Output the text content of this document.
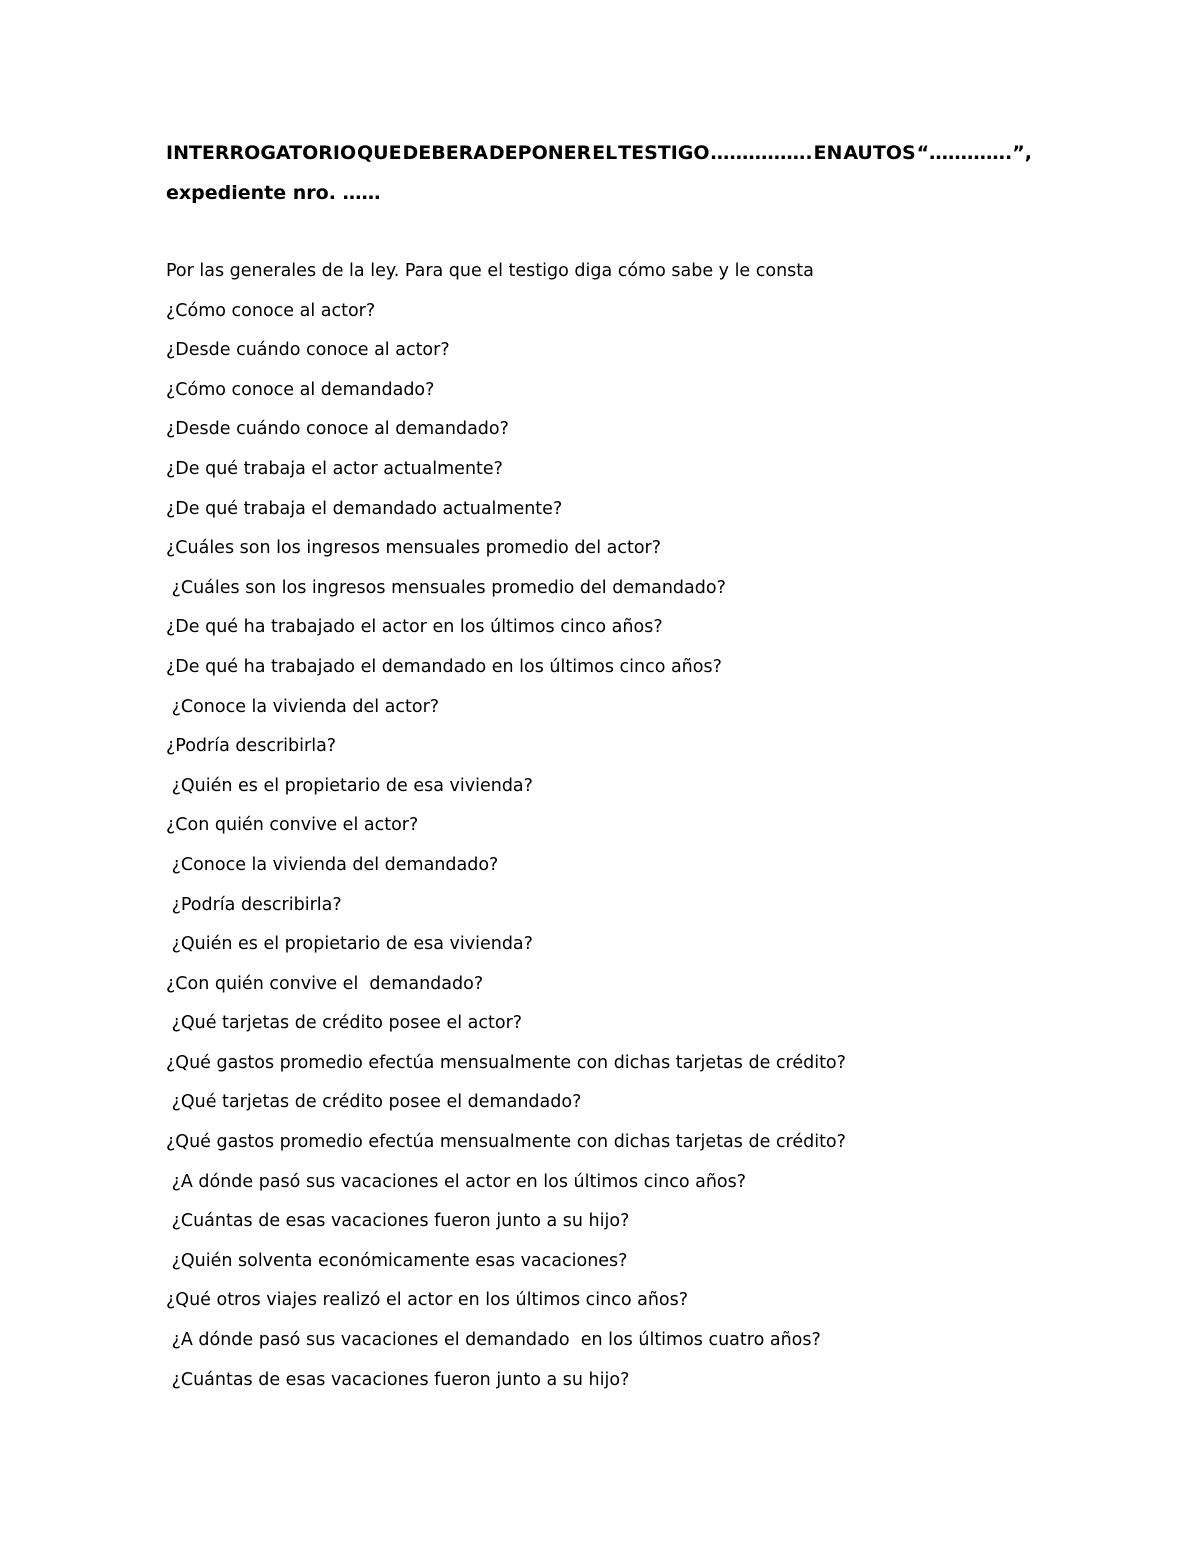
INTERROGATORIO QUE DEBERA DEPONER EL TESTIGO ……………. EN AUTOS “………….”,
expediente nro. ……
Por las generales de la ley. Para que el testigo diga cómo sabe y le consta
¿Cómo conoce al actor?
¿Desde cuándo conoce al actor?
¿Cómo conoce al demandado?
¿Desde cuándo conoce al demandado?
¿De qué trabaja el actor actualmente?
¿De qué trabaja el demandado actualmente?
¿Cuáles son los ingresos mensuales promedio del actor?
¿Cuáles son los ingresos mensuales promedio del demandado?
¿De qué ha trabajado el actor en los últimos cinco años?
¿De qué ha trabajado el demandado en los últimos cinco años?
¿Conoce la vivienda del actor?
¿Podría describirla?
¿Quién es el propietario de esa vivienda?
¿Con quién convive el actor?
¿Conoce la vivienda del demandado?
¿Podría describirla?
¿Quién es el propietario de esa vivienda?
¿Con quién convive el  demandado?
¿Qué tarjetas de crédito posee el actor?
¿Qué gastos promedio efectúa mensualmente con dichas tarjetas de crédito?
¿Qué tarjetas de crédito posee el demandado?
¿Qué gastos promedio efectúa mensualmente con dichas tarjetas de crédito?
¿A dónde pasó sus vacaciones el actor en los últimos cinco años?
¿Cuántas de esas vacaciones fueron junto a su hijo?
¿Quién solventa económicamente esas vacaciones?
¿Qué otros viajes realizó el actor en los últimos cinco años?
¿A dónde pasó sus vacaciones el demandado  en los últimos cuatro años?
¿Cuántas de esas vacaciones fueron junto a su hijo?
